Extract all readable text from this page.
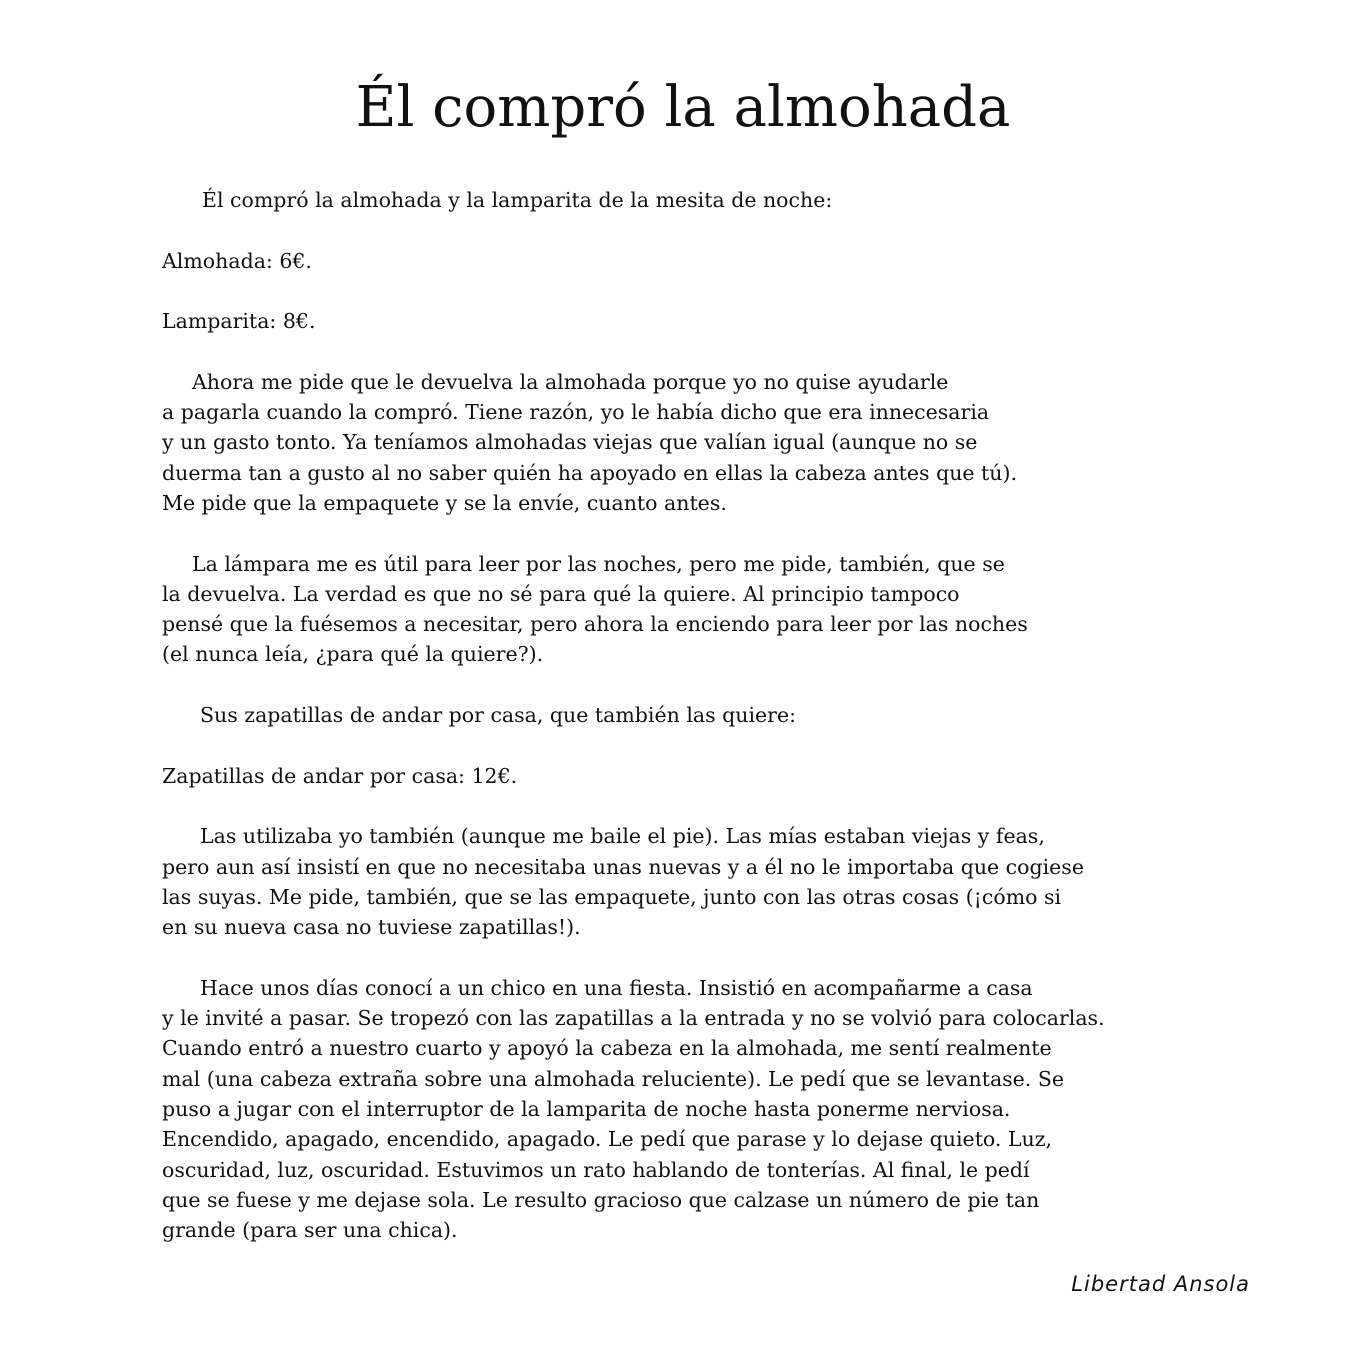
Él compró la almohada
Él compró la almohada y la lamparita de la mesita de noche:
Almohada: 6€.
Lamparita: 8€.
Ahora me pide que le devuelva la almohada porque yo no quise ayudarle
a pagarla cuando la compró. Tiene razón, yo le había dicho que era innecesaria
y un gasto tonto. Ya teníamos almohadas viejas que valían igual (aunque no se
duerma tan a gusto al no saber quién ha apoyado en ellas la cabeza antes que tú).
Me pide que la empaquete y se la envíe, cuanto antes.
La lámpara me es útil para leer por las noches, pero me pide, también, que se
la devuelva. La verdad es que no sé para qué la quiere. Al principio tampoco
pensé que la fuésemos a necesitar, pero ahora la enciendo para leer por las noches
(el nunca leía, ¿para qué la quiere?).
Sus zapatillas de andar por casa, que también las quiere:
Zapatillas de andar por casa: 12€.
Las utilizaba yo también (aunque me baile el pie). Las mías estaban viejas y feas,
pero aun así insistí en que no necesitaba unas nuevas y a él no le importaba que cogiese
las suyas. Me pide, también, que se las empaquete, junto con las otras cosas (¡cómo si
en su nueva casa no tuviese zapatillas!).
Hace unos días conocí a un chico en una fiesta. Insistió en acompañarme a casa
y le invité a pasar. Se tropezó con las zapatillas a la entrada y no se volvió para colocarlas.
Cuando entró a nuestro cuarto y apoyó la cabeza en la almohada, me sentí realmente
mal (una cabeza extraña sobre una almohada reluciente). Le pedí que se levantase. Se
puso a jugar con el interruptor de la lamparita de noche hasta ponerme nerviosa.
Encendido, apagado, encendido, apagado. Le pedí que parase y lo dejase quieto. Luz,
oscuridad, luz, oscuridad. Estuvimos un rato hablando de tonterías. Al final, le pedí
que se fuese y me dejase sola. Le resulto gracioso que calzase un número de pie tan
grande (para ser una chica).
Libertad Ansola
